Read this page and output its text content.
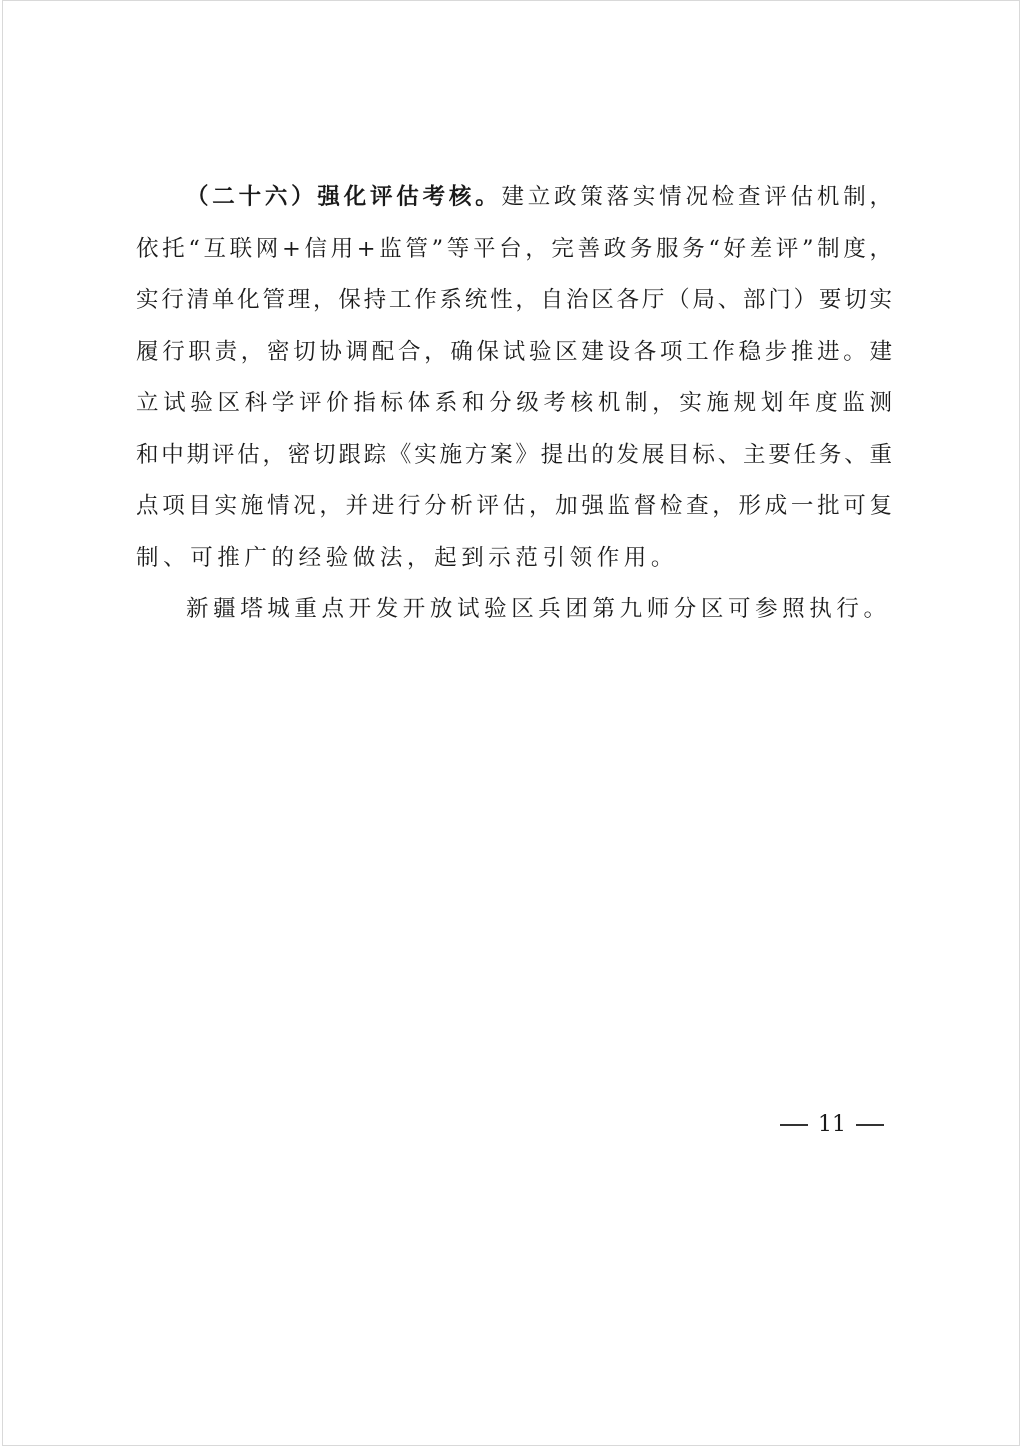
（二十六）强化评估考核。建立政策落实情况检查评估机制，
依托“互联网+信用+监管”等平台，完善政务服务“好差评”制度，
实行清单化管理，保持工作系统性，自治区各厅（局、部门）要切实
履行职责，密切协调配合，确保试验区建设各项工作稳步推进。建
立试验区科学评价指标体系和分级考核机制，实施规划年度监测
和中期评估，密切跟踪《实施方案》提出的发展目标、主要任务、重
点项目实施情况，并进行分析评估，加强监督检查，形成一批可复
制、可推广的经验做法，起到示范引领作用。
新疆塔城重点开发开放试验区兵团第九师分区可参照执行。
11
